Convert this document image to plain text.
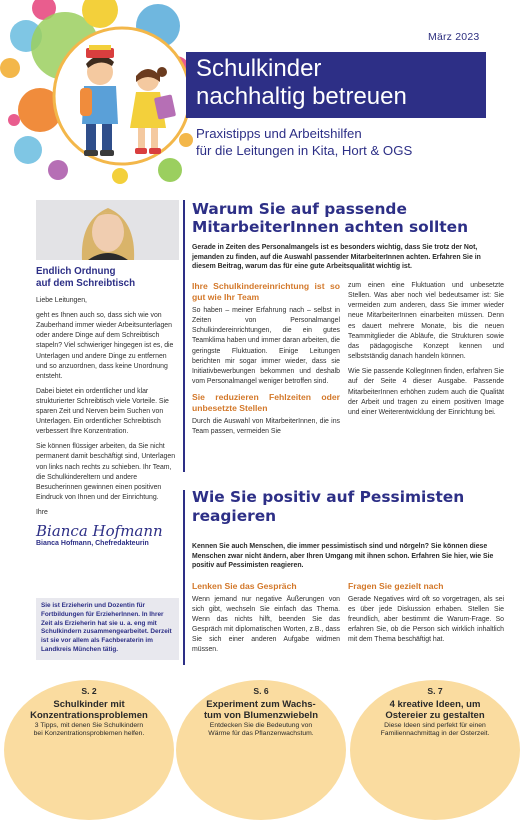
März 2023
Schulkinder
nachhaltig betreuen
Praxistipps und Arbeitshilfen
für die Leitungen in Kita, Hort & OGS
Endlich Ordnung
auf dem Schreibtisch

Liebe Leitungen,

geht es Ihnen auch so, dass sich wie von Zauberhand immer wieder Arbeitsunterlagen oder andere Dinge auf dem Schreibtisch stapeln? Viel schwieriger hingegen ist es, die Unterlagen und andere Dinge zu entfernen und so anzuordnen, dass keine Unordnung entsteht.

Dabei bietet ein ordentlicher und klar strukturierter Schreibtisch viele Vorteile. Sie sparen Zeit und Nerven beim Suchen von Unterlagen. Ein ordentlicher Schreibtisch verbessert Ihre Konzentration.

Sie können flüssiger arbeiten, da Sie nicht permanent damit beschäftigt sind, Unterlagen von links nach rechts zu schieben. Ihr Team, die Schulkindereltern und andere Besucherinnen gewinnen einen positiven Eindruck von Ihnen und der Einrichtung.

Ihre

Bianca Hofmann
Bianca Hofmann, Chefredakteurin
Sie ist Erzieherin und Dozentin für Fortbildungen für ErzieherInnen. In Ihrer Zeit als Erzieherin hat sie u. a. eng mit Schulkindern zusammengearbeitet. Derzeit ist sie vor allem als Fachberaterin im Landkreis München tätig.
Warum Sie auf passende
MitarbeiterInnen achten sollten
Gerade in Zeiten des Personalmangels ist es besonders wichtig, dass Sie trotz der Not, jemanden zu finden, auf die Auswahl passender MitarbeiterInnen achten. Erfahren Sie in diesem Beitrag, warum das für eine gute Arbeitsqualität wichtig ist.
Ihre Schulkindereinrichtung ist so gut wie Ihr Team

So haben – meiner Erfahrung nach – selbst in Zeiten von Personalmangel Schulkindereinrichtungen, die ein gutes Teamklima haben und immer daran arbeiten, die geringste Fluktuation. Einige Leitungen berichten mir sogar immer wieder, dass sie Initiativbewerbungen bekommen und deshalb vom Personalmangel weniger betroffen sind.

Sie reduzieren Fehlzeiten oder unbesetzte Stellen

Durch die Auswahl von MitarbeiterInnen, die ins Team passen, vermeiden Sie

zum einen eine Fluktuation und unbesetzte Stellen. Was aber noch viel bedeutsamer ist: Sie vermeiden zum anderen, dass Sie immer wieder neue MitarbeiterInnen einarbeiten müssen. Denn es dauert mehrere Monate, bis die neuen Teammitglieder die Abläufe, die Strukturen sowie das pädagogische Konzept kennen und selbstständig danach handeln können.

Wie Sie passende KollegInnen finden, erfahren Sie auf der Seite 4 dieser Ausgabe. Passende MitarbeiterInnen erhöhen zudem auch die Qualität der Arbeit und tragen zu einem positiven Image und einer Weiterentwicklung der Einrichtung bei.

Wie Sie positiv auf Pessimisten
reagieren
Kennen Sie auch Menschen, die immer pessimistisch sind und nörgeln? Sie können diese Menschen zwar nicht ändern, aber Ihren Umgang mit ihnen schon. Erfahren Sie hier, wie Sie positiv auf Pessimisten reagieren.
Lenken Sie das Gespräch
Wenn jemand nur negative Äußerungen von sich gibt, wechseln Sie einfach das Thema. Wenn das nichts hilft, beenden Sie das Gespräch mit diplomatischen Worten, z.B., dass Sie sich einer anderen Aufgabe widmen müssen.
Fragen Sie gezielt nach
Gerade Negatives wird oft so vorgetragen, als sei es über jede Diskussion erhaben. Stellen Sie freundlich, aber bestimmt die Warum-Frage. So erfahren Sie, ob die Person sich wirklich inhaltlich mit dem Thema beschäftigt hat.
S. 2
Schulkinder mit
Konzentrationsproblemen
3 Tipps, mit denen Sie Schulkindern
bei Konzentrationsproblemen helfen.
S. 6
Experiment zum Wachs-
tum von Blumenzwiebeln
Entdecken Sie die Bedeutung von
Wärme für das Pflanzenwachstum.
S. 7
4 kreative Ideen, um
Ostereier zu gestalten
Diese Ideen sind perfekt für einen
Familiennachmittag in der Osterzeit.
